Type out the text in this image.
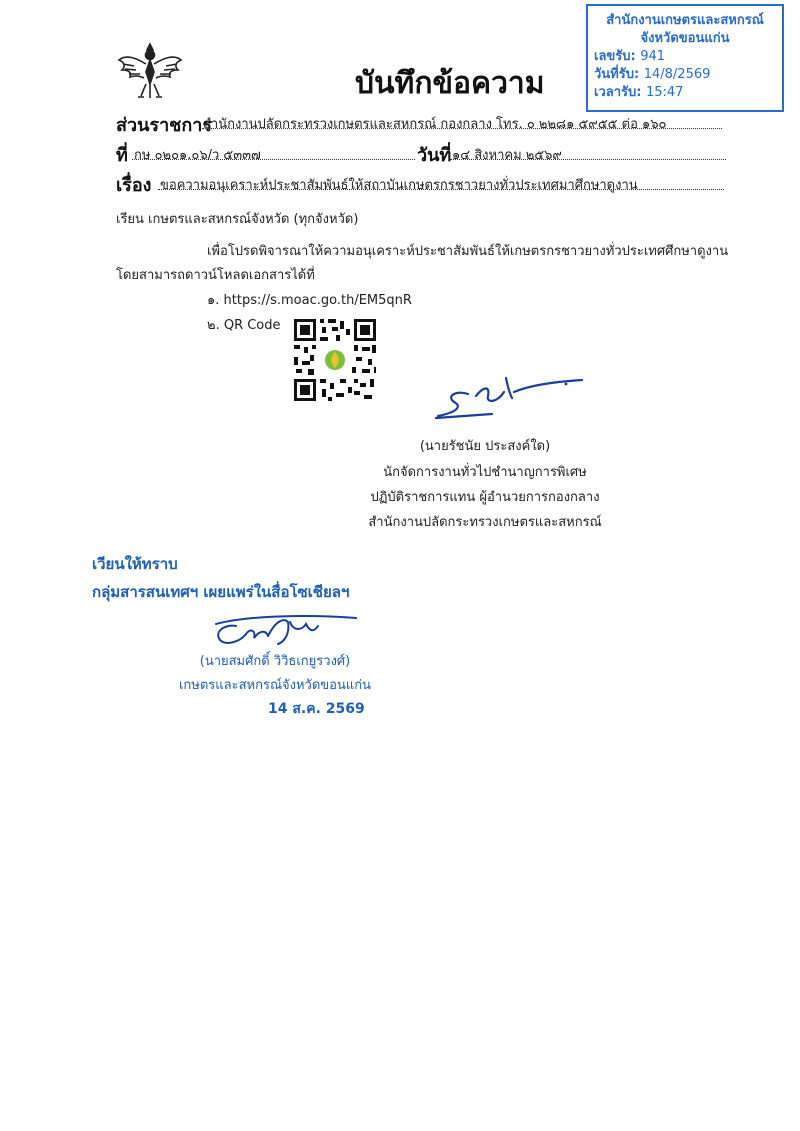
สำนักงานเกษตรและสหกรณ์
จังหวัดขอนแก่น
เลขรับ: 941
วันที่รับ: 14/8/2569
เวลารับ: 15:47
บันทึกข้อความ
ส่วนราชการ
สำนักงานปลัดกระทรวงเกษตรและสหกรณ์ กองกลาง โทร. ๐ ๒๒๘๑ ๕๙๕๕ ต่อ ๑๖๐
ที่ กษ ๐๒๐๑.๐๖/ว ๕๓๓๗	วันที่ ๑๔ สิงหาคม ๒๕๖๙
เรื่อง ขอความอนุเคราะห์ประชาสัมพันธ์ให้สถาบันเกษตรกรชาวยางทั่วประเทศมาศึกษาดูงาน
เรียน เกษตรและสหกรณ์จังหวัด (ทุกจังหวัด)
เพื่อโปรดพิจารณาให้ความอนุเคราะห์ประชาสัมพันธ์ให้เกษตรกรชาวยางทั่วประเทศศึกษาดูงาน
โดยสามารถดาวน์โหลดเอกสารได้ที่
๑. https://s.moac.go.th/EM5qnR
๒. QR Code
(นายรัชนัย ประสงค์ใด)
นักจัดการงานทั่วไปชำนาญการพิเศษ
ปฏิบัติราชการแทน ผู้อำนวยการกองกลาง
สำนักงานปลัดกระทรวงเกษตรและสหกรณ์
เวียนให้ทราบ
กลุ่มสารสนเทศฯ เผยแพร่ในสื่อโซเชียลฯ
(นายสมศักดิ์ วิวิธเกยูรวงศ์)
เกษตรและสหกรณ์จังหวัดขอนแก่น
14 ส.ค. 2569
